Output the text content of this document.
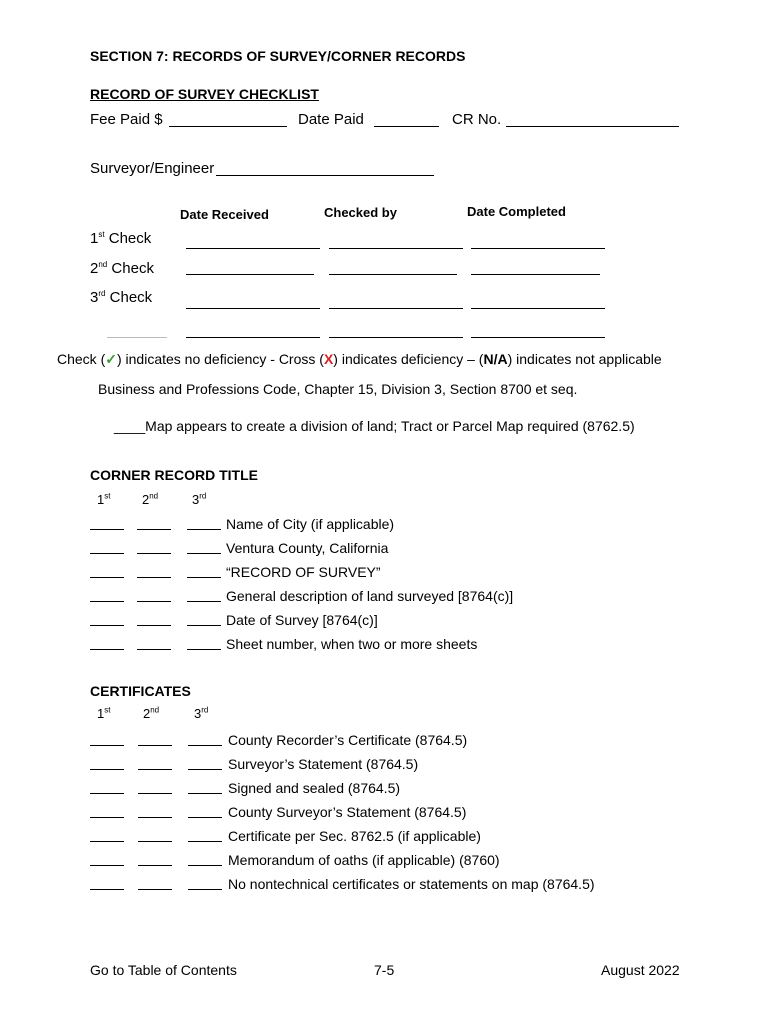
SECTION 7: RECORDS OF SURVEY/CORNER RECORDS
RECORD OF SURVEY CHECKLIST
Fee Paid $	Date Paid	CR No.
Surveyor/Engineer
Date Received	Checked by	Date Completed
1st Check
2nd Check
3rd Check
Check (✓) indicates no deficiency - Cross (X) indicates deficiency – (N/A) indicates not applicable
Business and Professions Code, Chapter 15, Division 3, Section 8700 et seq.
____Map appears to create a division of land; Tract or Parcel Map required (8762.5)
CORNER RECORD TITLE
1st 2nd	3rd
Name of City (if applicable)
Ventura County, California
“RECORD OF SURVEY”
General description of land surveyed [8764(c)]
Date of Survey [8764(c)]
Sheet number, when two or more sheets
CERTIFICATES
1st	2nd	3rd
County Recorder’s Certificate (8764.5)
Surveyor’s Statement (8764.5)
Signed and sealed (8764.5)
County Surveyor’s Statement (8764.5)
Certificate per Sec. 8762.5 (if applicable)
Memorandum of oaths (if applicable) (8760)
No nontechnical certificates or statements on map (8764.5)
Go to Table of Contents	7-5	August 2022
